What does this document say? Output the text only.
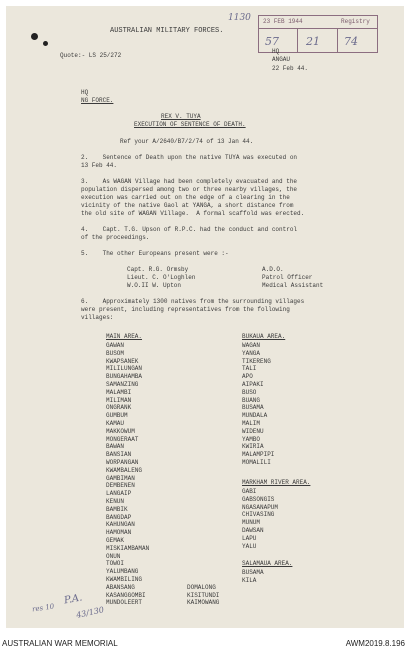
1130 23 FEB 1944	Registry
57 21 74
AUSTRALIAN MILITARY FORCES.
Quote:- LS 25/272
HQ
ANGAU
22 Feb 44.
HQ
NG FORCE.
REX V. TUYA
EXECUTION OF SENTENCE OF DEATH.
Ref your A/2640/B7/2/74 of 13 Jan 44.
2.    Sentence of Death upon the native TUYA was executed on
13 Feb 44.
3.    As WAGAN Village had been completely evacuated and the
population dispersed among two or three nearby villages, the
execution was carried out on the edge of a clearing in the
vicinity of the native Gaol at YANGA, a short distance from
the old site of WAGAN Village.  A formal scaffold was erected.
4.    Capt. T.G. Upson of R.P.C. had the conduct and control
of the proceedings.
5.    The other Europeans present were :-
Capt. R.G. Ormsby	A.D.O.
Lieut. C. O'Loghlen	Patrol Officer
W.O.II W. Upton	Medical Assistant
6.    Approximately 1300 natives from the surrounding villages
were present, including representatives from the following
villages:
MAIN AREA.
GAWAN
BUSOM
KWAPSANEK
MILILUNGAN
BUNGAHAMBA
SAMANZING
MALAMBI
MILIMAN
ONGRANK
GUMBUM
KAMAU
MAKKOWUM
MONGERAAT
BAWAN
BANSIAN
WORPANGAN
KWAMBALENG
GAMBIMAN
DEMBENEN
LANGAIP
KENUN
BAMBIK
BANGDAP
KAHUNGAN
HAMOMAN
GEMAK
MISKIAMBAMAN
ONUN
TOWOI
YALUMBANG
KWAMBILING
ABANSANG
KASANGGOMBI
MUNDOLEERT
DOMALONG
KISITUNDI
KAIMOWANG
BUKAUA AREA.
WAGAN
YANGA
TIKERENG
TALI
APO
AIPAKI
BUSO
BUANG
BUSAMA
MUNDALA
MALIM
WIDENU
YAMBO
KWIRIA
MALAMPIPI
MOMALILI
MARKHAM RIVER AREA.
GABI
GABSONGIS
NGASANAPUM
CHIVASING
MUNUM
DAWSAN
LAPU
YALU
SALAMAUA AREA.
BUSAMA
KILA
res 10
P.A.
43/130
AUSTRALIAN WAR MEMORIAL	AWM2019.8.196
